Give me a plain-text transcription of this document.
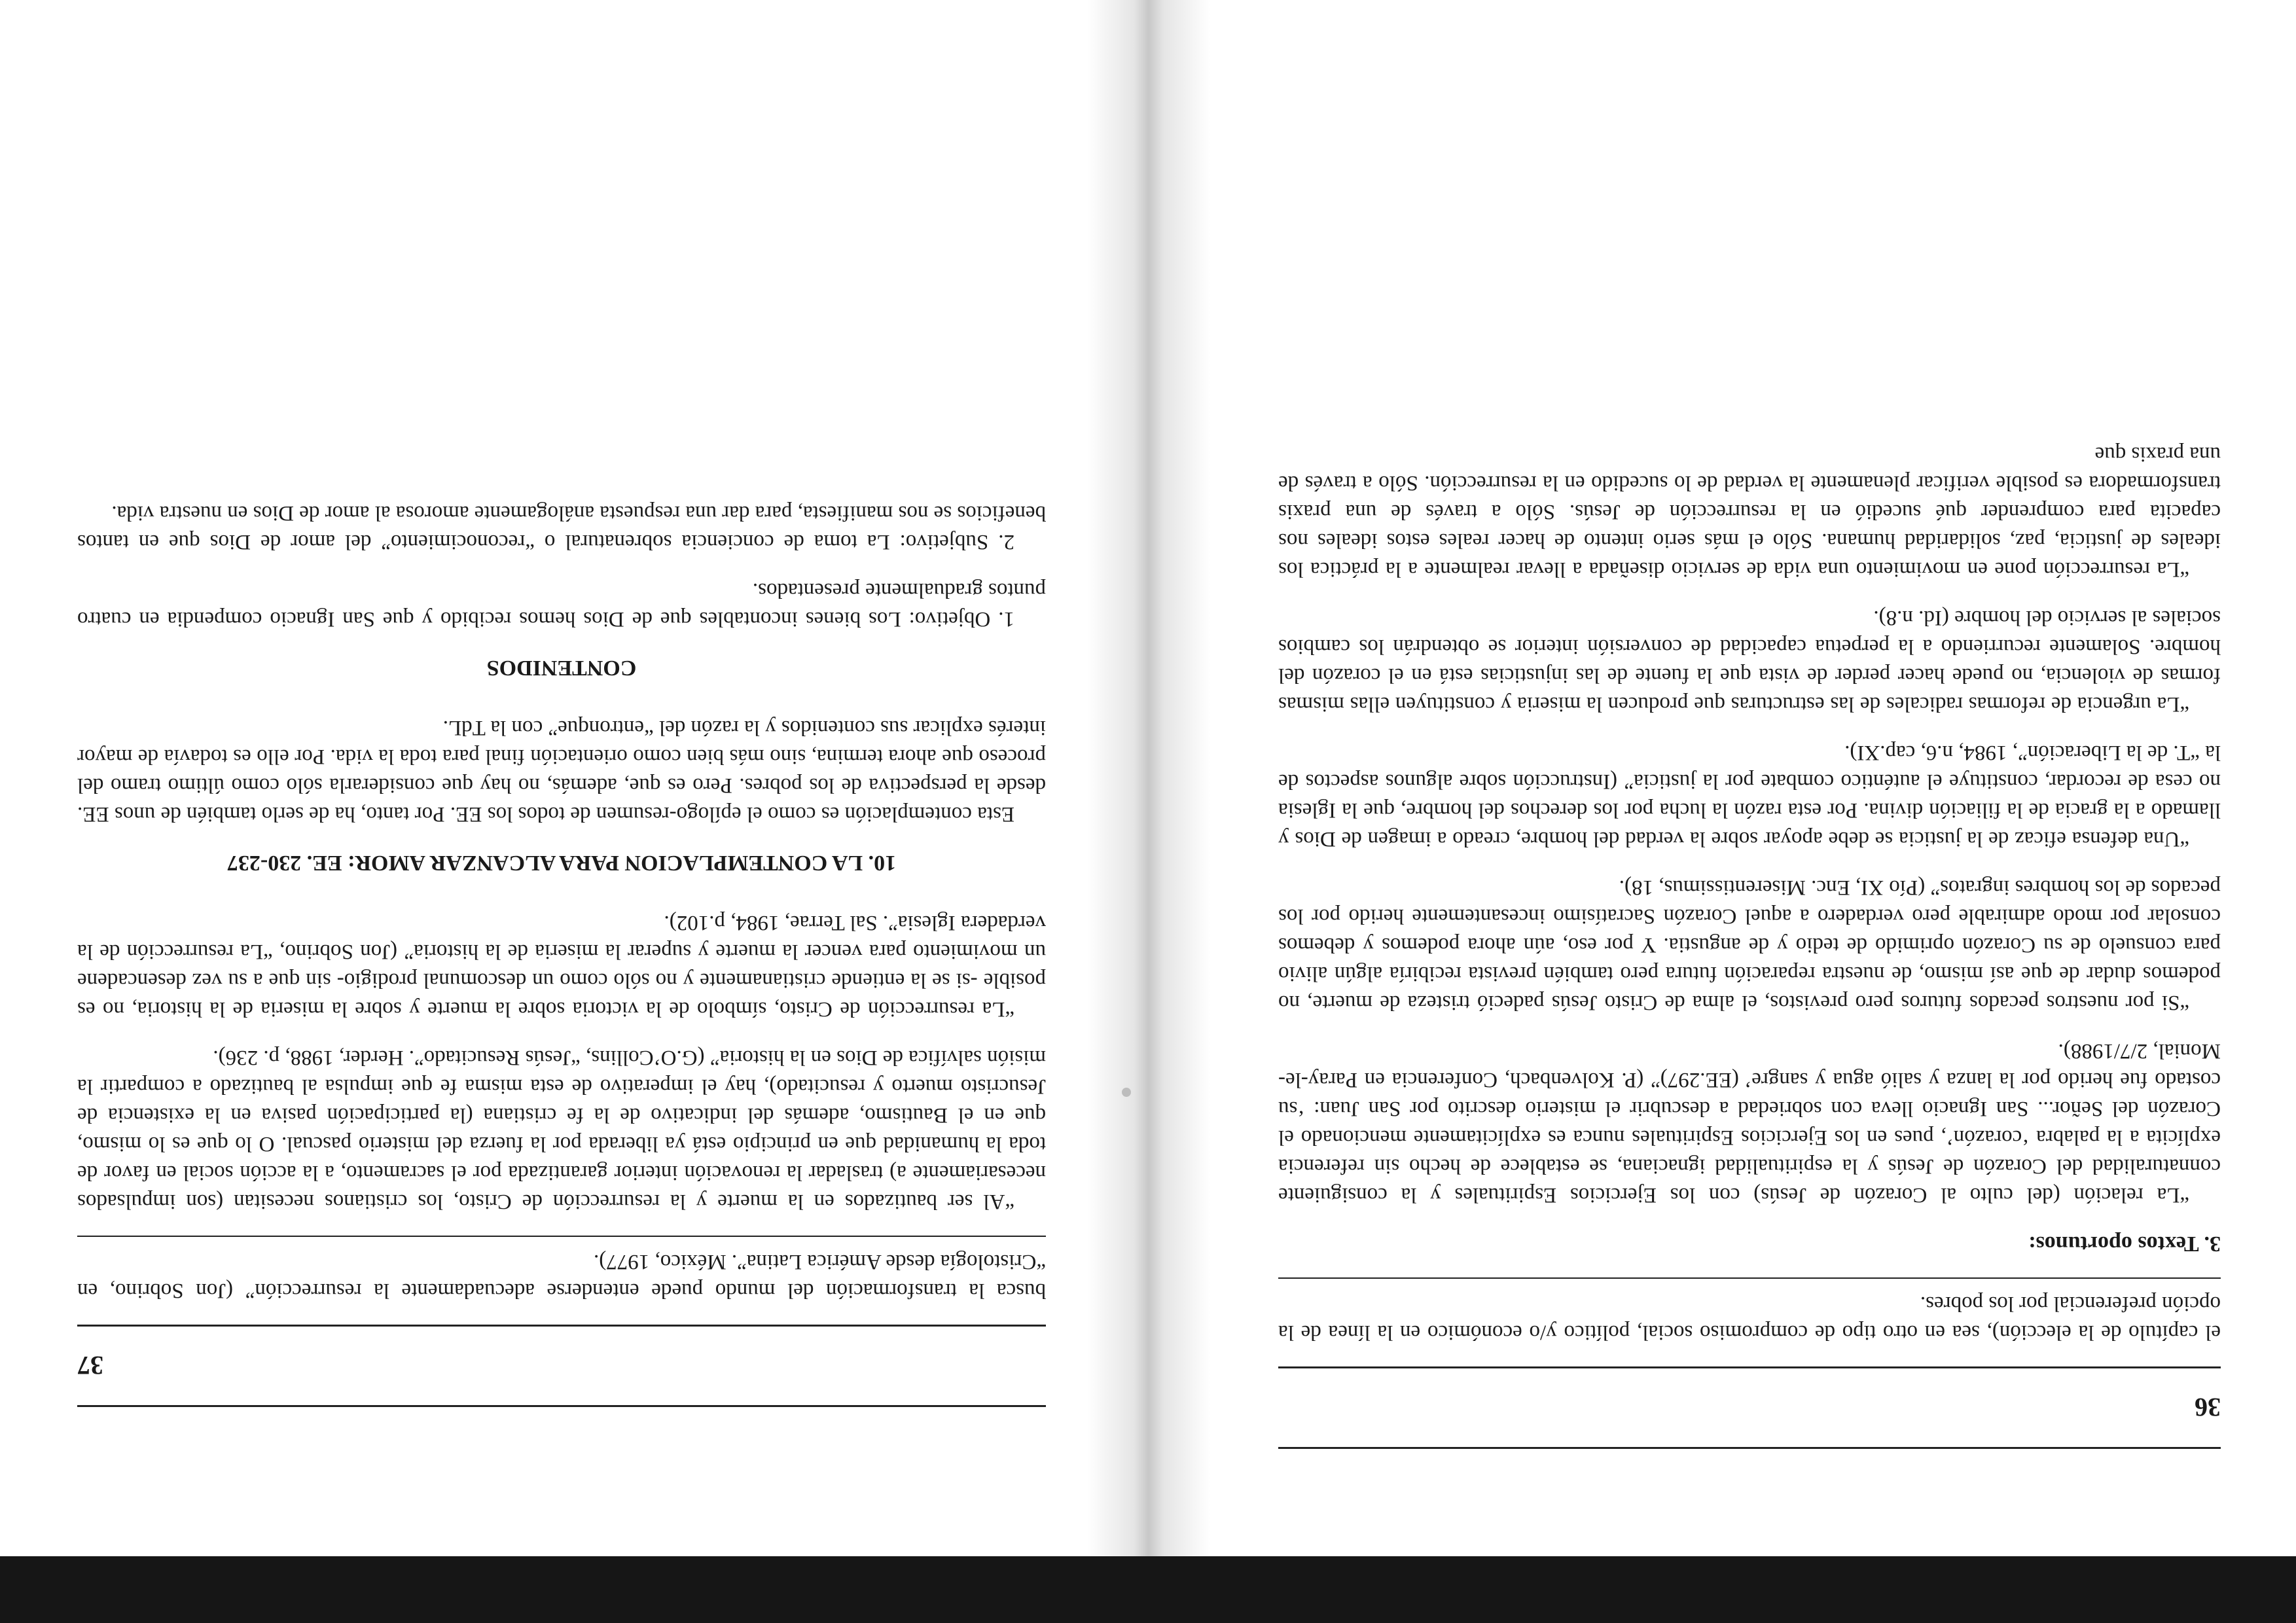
37

busca la transformación del mundo puede entenderse adecuadamente la resurrección” (Jon Sobrino, en “Cristología desde América Latina”. México, 1977).

“Al ser bautizados en la muerte y la resurrección de Cristo, los cristianos necesitan (son impulsados necesariamente a) trasladar la renovación interior garantizada por el sacramento, a la acción social en favor de toda la humanidad que en principio está ya liberada por la fuerza del misterio pascual. O lo que es lo mismo, que en el Bautismo, además del indicativo de la fe cristiana (la participación pasiva en la existencia de Jesucristo muerto y resucitado), hay el imperativo de esta misma fe que impulsa al bautizado a compartir la misión salvífica de Dios en la historia” (G.O’Collins, “Jesús Resucitado”. Herder, 1988, p. 236).

“La resurrección de Cristo, símbolo de la victoria sobre la muerte y sobre la miseria de la historia, no es posible -si se la entiende cristianamente y no sólo como un descomunal prodigio- sin que a su vez desencadene un movimiento para vencer la muerte y superar la miseria de la historia” (Jon Sobrino, “La resurrección de la verdadera Iglesia”. Sal Terrae, 1984, p.102).

10. LA CONTEMPLACION PARA ALCANZAR AMOR: EE. 230-237

Esta contemplación es como el epílogo-resumen de todos los EE. Por tanto, ha de serlo también de unos EE. desde la perspectiva de los pobres. Pero es que, además, no hay que considerarla sólo como último tramo del proceso que ahora termina, sino más bien como orientación final para toda la vida. Por ello es todavía de mayor interés explicar sus contenidos y la razón del “entronque” con la TdL.

CONTENIDOS

1. Objetivo: Los bienes incontables que de Dios hemos recibido y que San Ignacio compendia en cuatro puntos gradualmente presentados.

2. Subjetivo: La toma de conciencia sobrenatural o “reconocimiento” del amor de Dios que en tantos beneficios se nos manifiesta, para dar una respuesta análogamente amorosa al amor de Dios en nuestra vida.

36

el capítulo de la elección), sea en otro tipo de compromiso social, político y/o económico en la línea de la opción preferencial por los pobres.

3. Textos oportunos:

“La relación (del culto al Corazón de Jesús) con los Ejercicios Espirituales y la consiguiente connaturalidad del Corazón de Jesús y la espiritualidad ignaciana, se establece de hecho sin referencia explícita a la palabra ‘corazón’, pues en los Ejercicios Espirituales nunca es explícitamente mencionado el Corazón del Señor... San Ignacio lleva con sobriedad a descubrir el misterio descrito por San Juan: ‘su costado fue herido por la lanza y salió agua y sangre’ (EE.297)” (P. Kolvenbach, Conferencia en Paray-le-Monial, 2/7/1988).

“Si por nuestros pecados futuros pero previstos, el alma de Cristo Jesús padeció tristeza de muerte, no podemos dudar de que así mismo, de nuestra reparación futura pero también prevista recibiría algún alivio para consuelo de su Corazón oprimido de tedio y de angustia. Y por eso, aún ahora podemos y debemos consolar por modo admirable pero verdadero a aquel Corazón Sacratísimo incesantemente herido por los pecados de los hombres ingratos” (Pío XI, Enc. Miserentissimus, 18).

“Una defensa eficaz de la justicia se debe apoyar sobre la verdad del hombre, creado a imagen de Dios y llamado a la gracia de la filiación divina. Por esta razón la lucha por los derechos del hombre, que la Iglesia no cesa de recordar, constituye el auténtico combate por la justicia” (Instrucción sobre algunos aspectos de la “T. de la Liberación”, 1984, n.6, cap.XI).

“La urgencia de reformas radicales de las estructuras que producen la miseria y constituyen ellas mismas formas de violencia, no puede hacer perder de vista que la fuente de las injusticias está en el corazón del hombre. Solamente recurriendo a la perpetua capacidad de conversión interior se obtendrán los cambios sociales al servicio del hombre (Id. n.8).

“La resurrección pone en movimiento una vida de servicio diseñada a llevar realmente a la práctica los ideales de justicia, paz, solidaridad humana. Sólo el más serio intento de hacer reales estos ideales nos capacita para comprender qué sucedió en la resurrección de Jesús. Sólo a través de una praxis transformadora es posible verificar plenamente la verdad de lo sucedido en la resurrección. Sólo a través de una praxis que
